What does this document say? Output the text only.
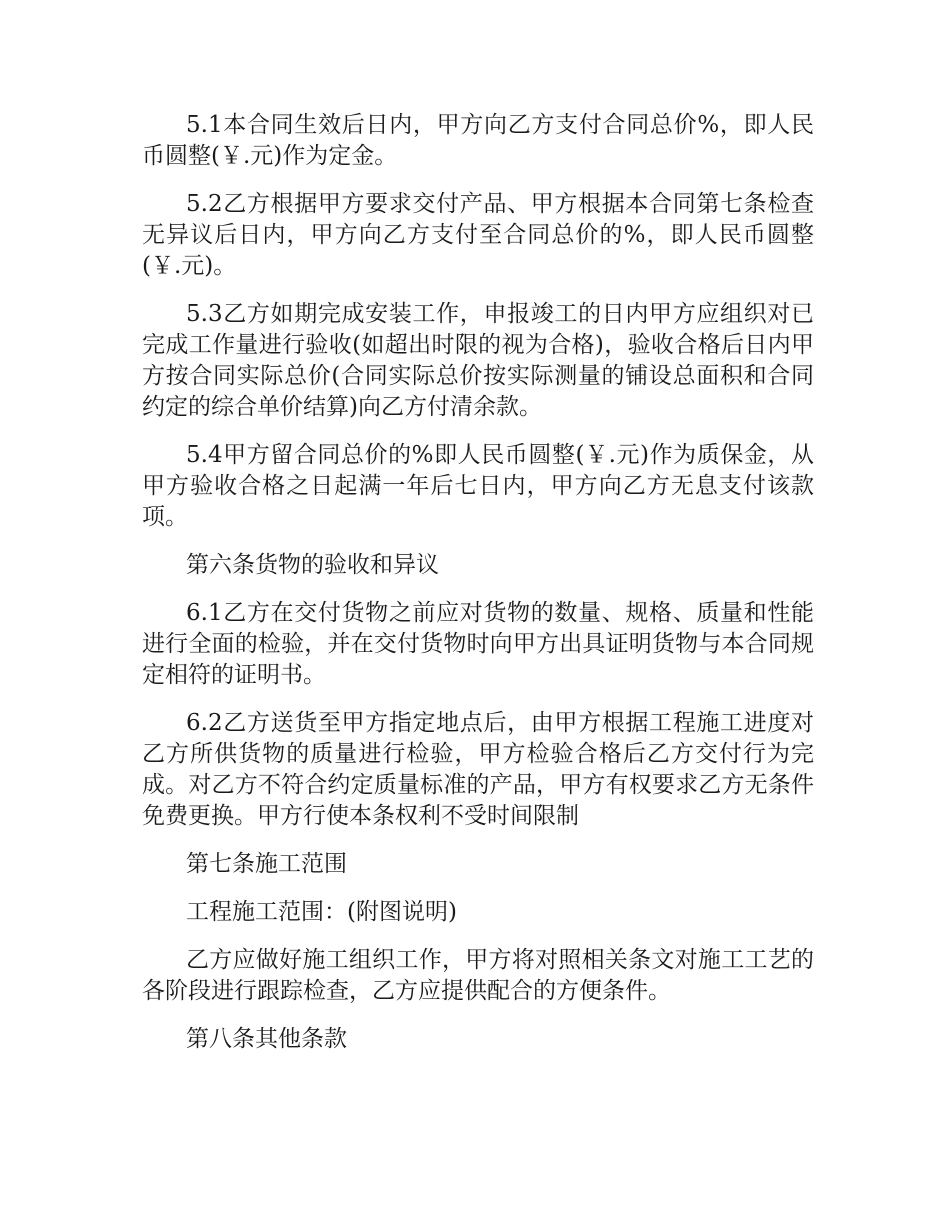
5.1本合同生效后日内，甲方向乙方支付合同总价%，即人民币圆整(￥.元)作为定金。

5.2乙方根据甲方要求交付产品、甲方根据本合同第七条检查无异议后日内，甲方向乙方支付至合同总价的%，即人民币圆整(￥.元)。

5.3乙方如期完成安装工作，申报竣工的日内甲方应组织对已完成工作量进行验收(如超出时限的视为合格)，验收合格后日内甲方按合同实际总价(合同实际总价按实际测量的铺设总面积和合同约定的综合单价结算)向乙方付清余款。

5.4甲方留合同总价的%即人民币圆整(￥.元)作为质保金，从甲方验收合格之日起满一年后七日内，甲方向乙方无息支付该款项。

第六条货物的验收和异议

6.1乙方在交付货物之前应对货物的数量、规格、质量和性能进行全面的检验，并在交付货物时向甲方出具证明货物与本合同规定相符的证明书。

6.2乙方送货至甲方指定地点后，由甲方根据工程施工进度对乙方所供货物的质量进行检验，甲方检验合格后乙方交付行为完成。对乙方不符合约定质量标准的产品，甲方有权要求乙方无条件免费更换。甲方行使本条权利不受时间限制

第七条施工范围

工程施工范围：(附图说明)

乙方应做好施工组织工作，甲方将对照相关条文对施工工艺的各阶段进行跟踪检查，乙方应提供配合的方便条件。

第八条其他条款
